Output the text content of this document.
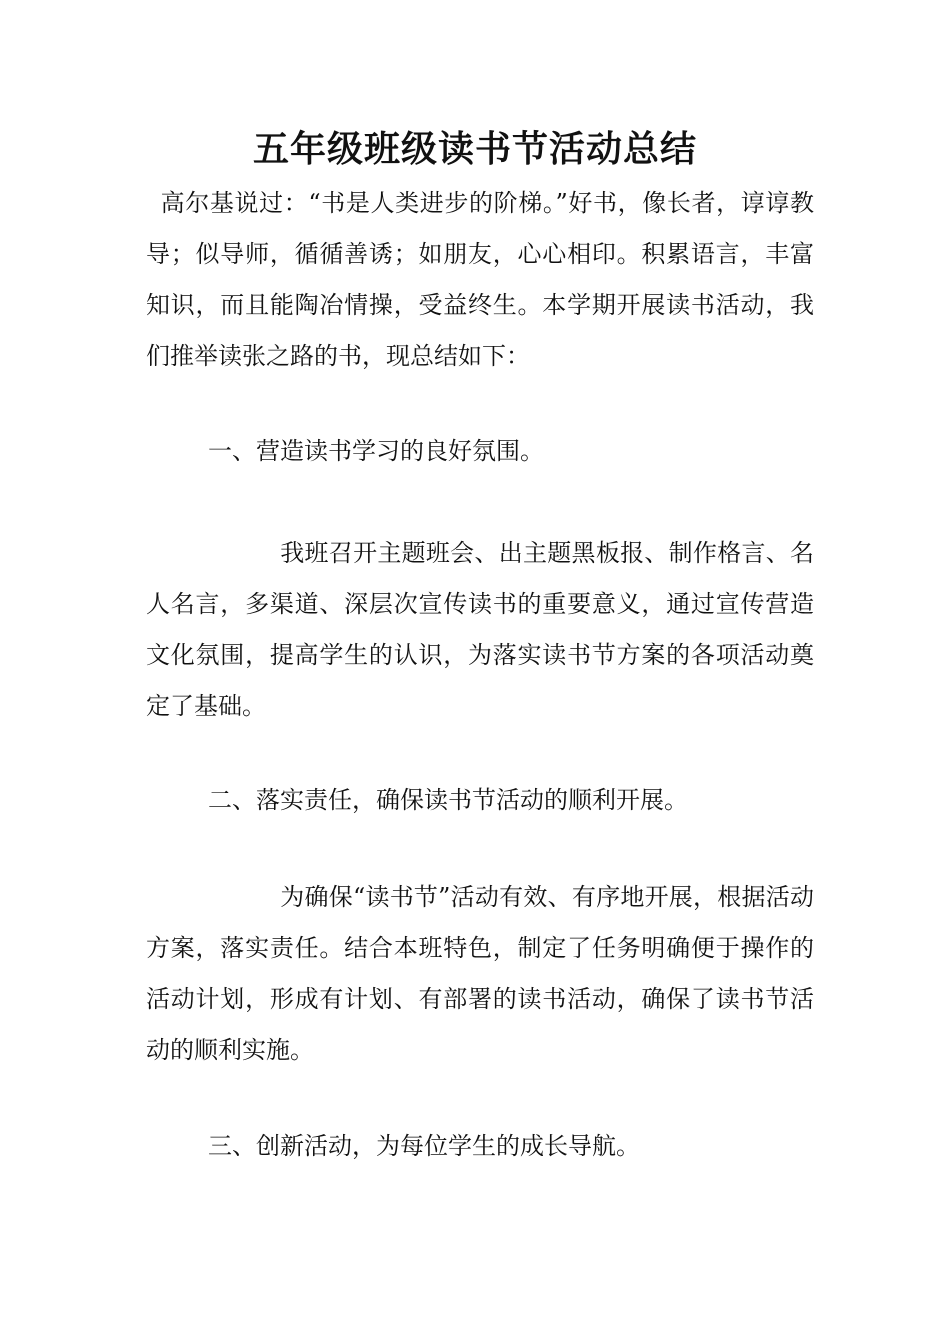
五年级班级读书节活动总结

高尔基说过：“书是人类进步的阶梯。”好书，像长者，谆谆教导；似导师，循循善诱；如朋友，心心相印。积累语言，丰富知识，而且能陶冶情操，受益终生。本学期开展读书活动，我们推举读张之路的书，现总结如下：

一、营造读书学习的良好氛围。

我班召开主题班会、出主题黑板报、制作格言、名人名言，多渠道、深层次宣传读书的重要意义，通过宣传营造文化氛围，提高学生的认识，为落实读书节方案的各项活动奠定了基础。

二、落实责任，确保读书节活动的顺利开展。

为确保“读书节”活动有效、有序地开展，根据活动方案，落实责任。结合本班特色，制定了任务明确便于操作的活动计划，形成有计划、有部署的读书活动，确保了读书节活动的顺利实施。

三、创新活动，为每位学生的成长导航。
